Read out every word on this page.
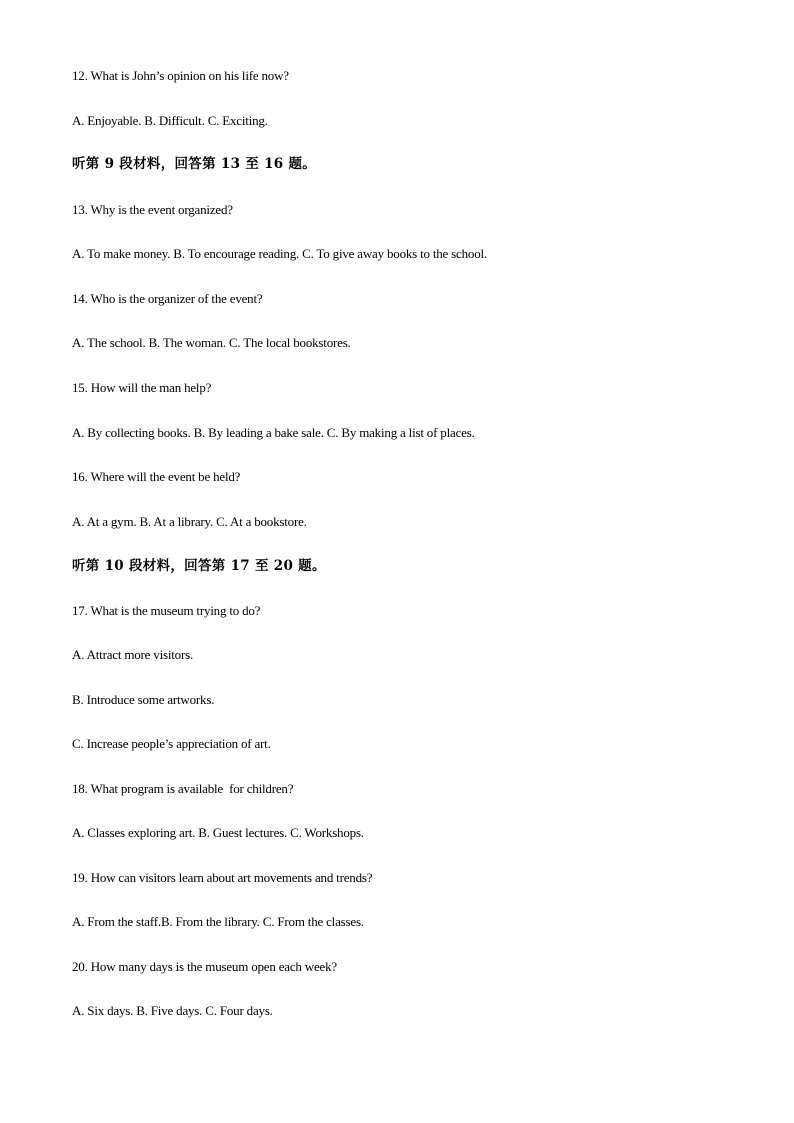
12. What is John’s opinion on his life now?
A. Enjoyable. B. Difficult. C. Exciting.
听第 9 段材料，回答第 13 至 16 题。
13. Why is the event organized?
A. To make money. B. To encourage reading. C. To give away books to the school.
14. Who is the organizer of the event?
A. The school. B. The woman. C. The local bookstores.
15. How will the man help?
A. By collecting books. B. By leading a bake sale. C. By making a list of places.
16. Where will the event be held?
A. At a gym. B. At a library. C. At a bookstore.
听第 10 段材料，回答第 17 至 20 题。
17. What is the museum trying to do?
A. Attract more visitors.
B. Introduce some artworks.
C. Increase people’s appreciation of art.
18. What program is available  for children?
A. Classes exploring art. B. Guest lectures. C. Workshops.
19. How can visitors learn about art movements and trends?
A. From the staff.B. From the library. C. From the classes.
20. How many days is the museum open each week?
A. Six days. B. Five days. C. Four days.
